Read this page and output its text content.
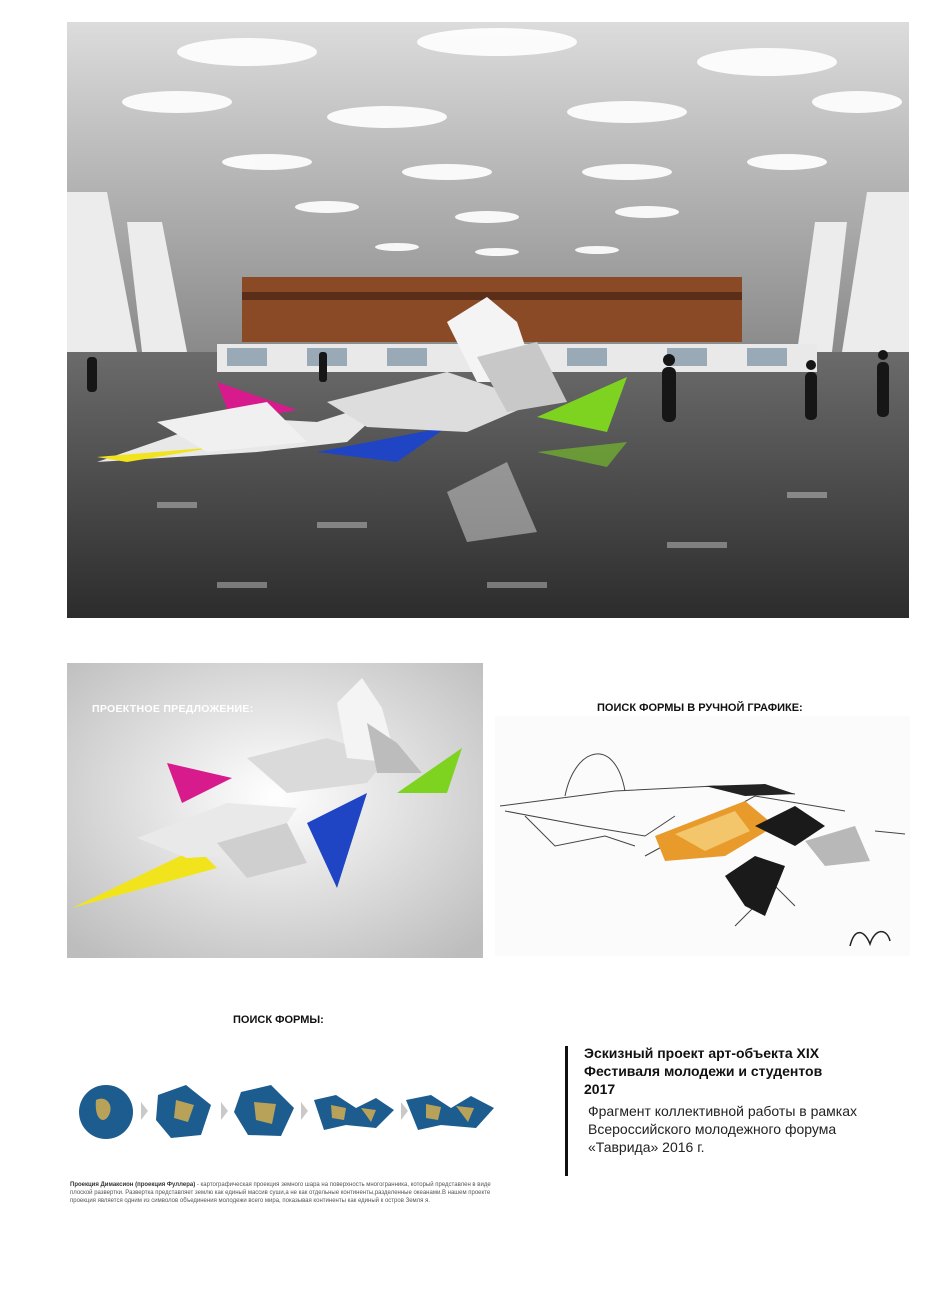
ПРОЕКТНОЕ ПРЕДЛОЖЕНИЕ:	ПОИСК ФОРМЫ В РУЧНОЙ ГРАФИКЕ:
ПОИСК ФОРМЫ:
Проекция Димаксион (проекция Фуллера) - картографическая проекция земного шара на поверхность многогранника, который представлен в виде плоской развертки. Развертка представляет землю как единый массив суши,а не как отдельные континенты,разделенные океанами.В нашем проекте проекция является одним из символов объединения молодежи всего мира, показывая континенты как единый к остров Земля я.
Эскизный проект арт-объекта XIX Фестиваля молодежи и студентов 2017
Фрагмент коллективной работы в рамках Всероссийского молодежного форума «Таврида» 2016 г.
